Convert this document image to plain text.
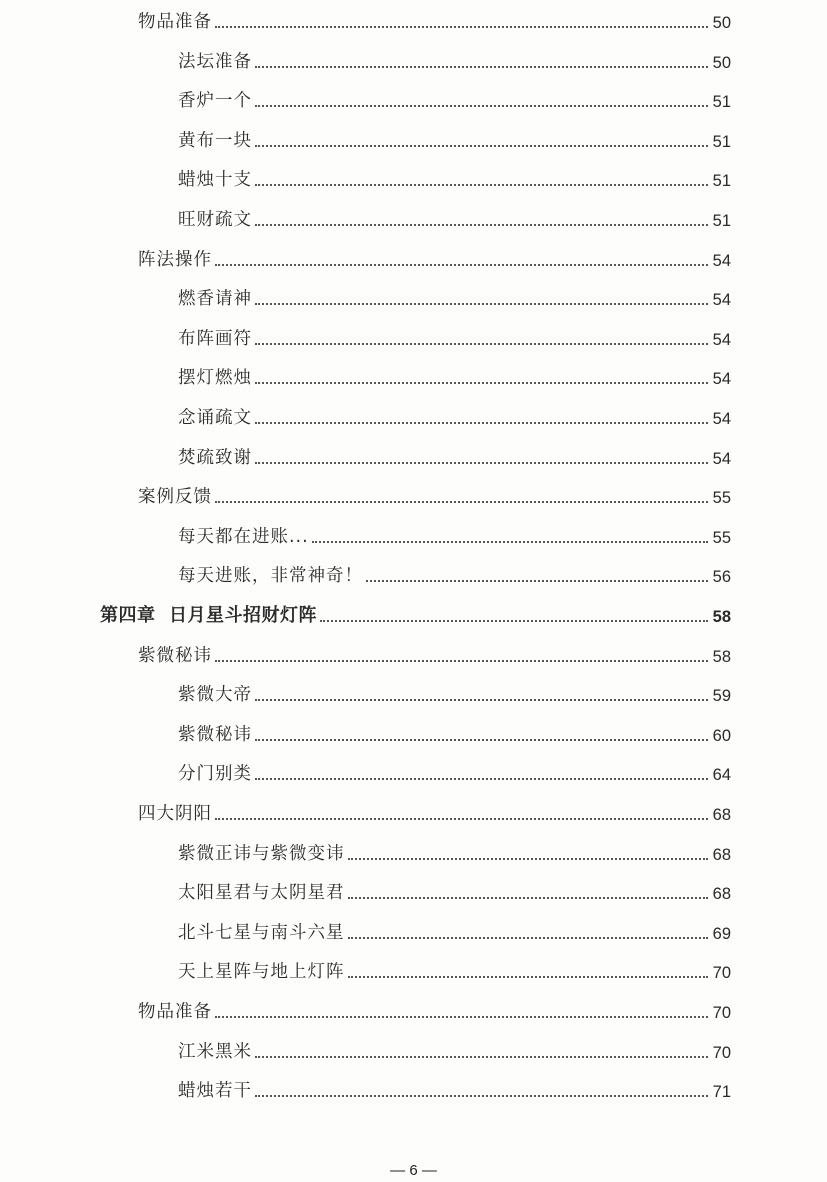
物品准备	50
法坛准备	50
香炉一个	51
黄布一块	51
蜡烛十支	51
旺财疏文	51
阵法操作	54
燃香请神	54
布阵画符	54
摆灯燃烛	54
念诵疏文	54
焚疏致谢	54
案例反馈	55
每天都在进账...	55
每天进账，非常神奇！	56
第四章  日月星斗招财灯阵	58
紫微秘讳	58
紫微大帝	59
紫微秘讳	60
分门别类	64
四大阴阳	68
紫微正讳与紫微变讳	68
太阳星君与太阴星君	68
北斗七星与南斗六星	69
天上星阵与地上灯阵	70
物品准备	70
江米黑米	70
蜡烛若干	71
— 6 —
